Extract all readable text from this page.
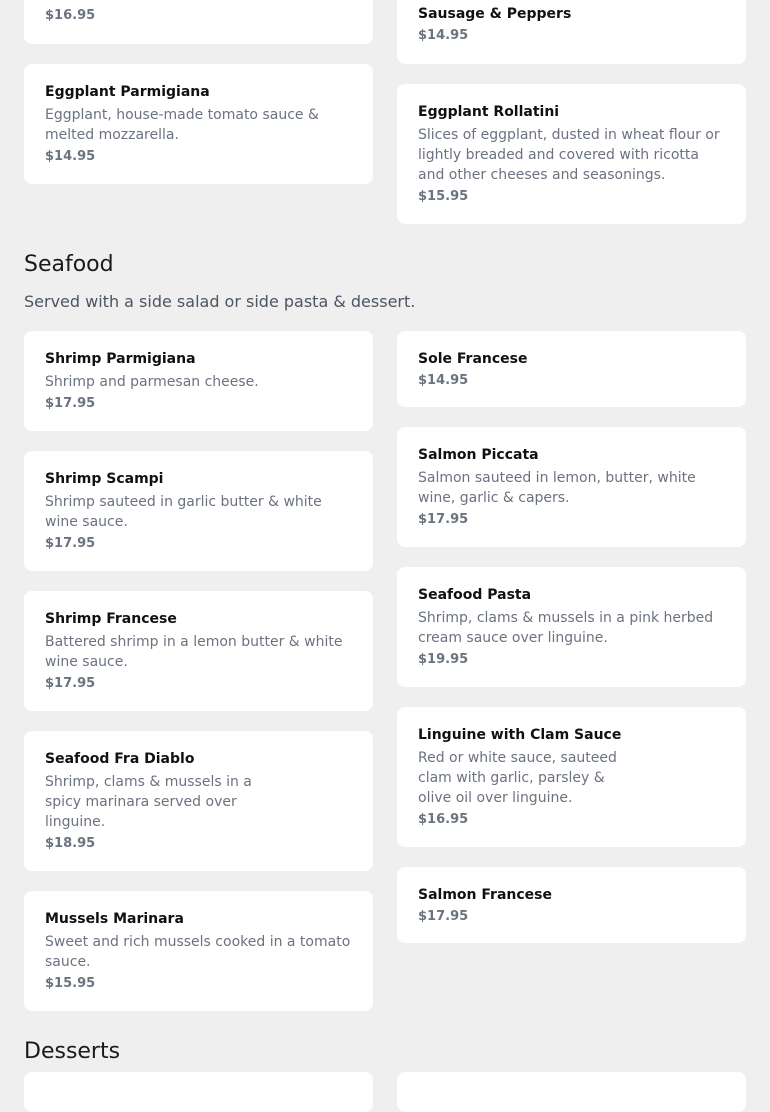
$16.95	Sausage & Peppers
$14.95
Eggplant Parmigiana
Eggplant, house-made tomato sauce & melted mozzarella.
$14.95
Eggplant Rollatini
Slices of eggplant, dusted in wheat flour or lightly breaded and covered with ricotta and other cheeses and seasonings.
$15.95
Seafood
Served with a side salad or side pasta & dessert.
Shrimp Parmigiana
Shrimp and parmesan cheese.
$17.95
Shrimp Scampi
Shrimp sauteed in garlic butter & white wine sauce.
$17.95
Shrimp Francese
Battered shrimp in a lemon butter & white wine sauce.
$17.95
Seafood Fra Diablo
Shrimp, clams & mussels in a spicy marinara served over linguine.
$18.95
Mussels Marinara
Sweet and rich mussels cooked in a tomato sauce.
$15.95
Sole Francese
$14.95
Salmon Piccata
Salmon sauteed in lemon, butter, white wine, garlic & capers.
$17.95
Seafood Pasta
Shrimp, clams & mussels in a pink herbed cream sauce over linguine.
$19.95
Linguine with Clam Sauce
Red or white sauce, sauteed clam with garlic, parsley & olive oil over linguine.
$16.95
Salmon Francese
$17.95
Desserts
